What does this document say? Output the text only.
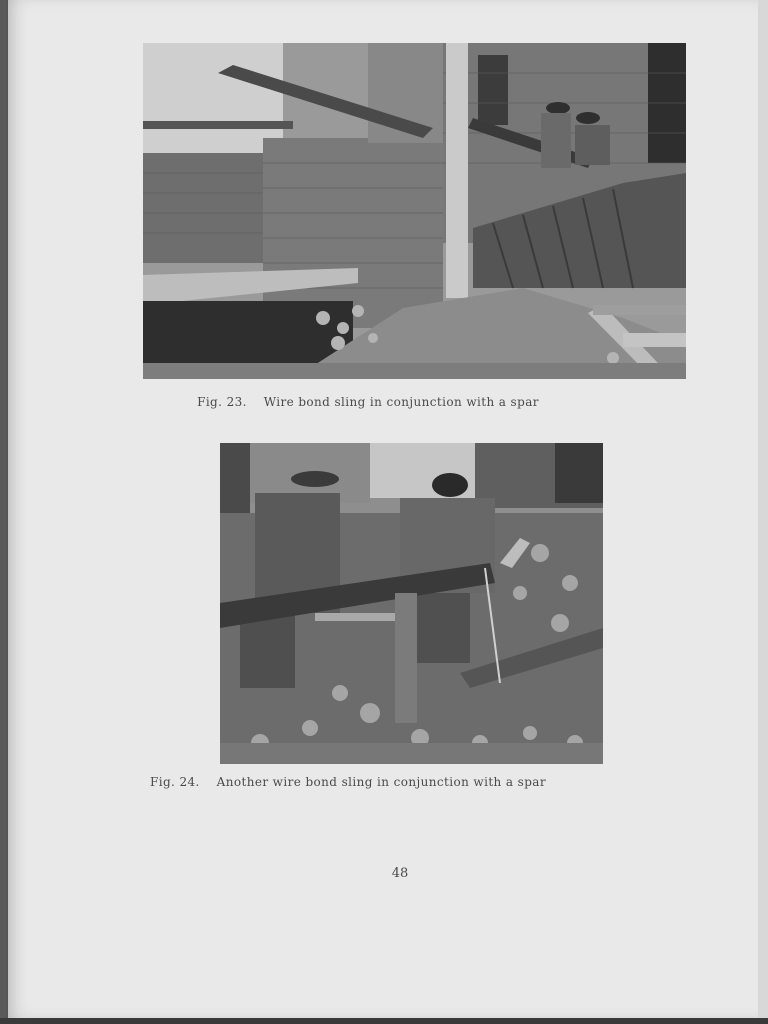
Fig. 23. Wire bond sling in conjunction with a spar
Fig. 24. Another wire bond sling in conjunction with a spar
48
